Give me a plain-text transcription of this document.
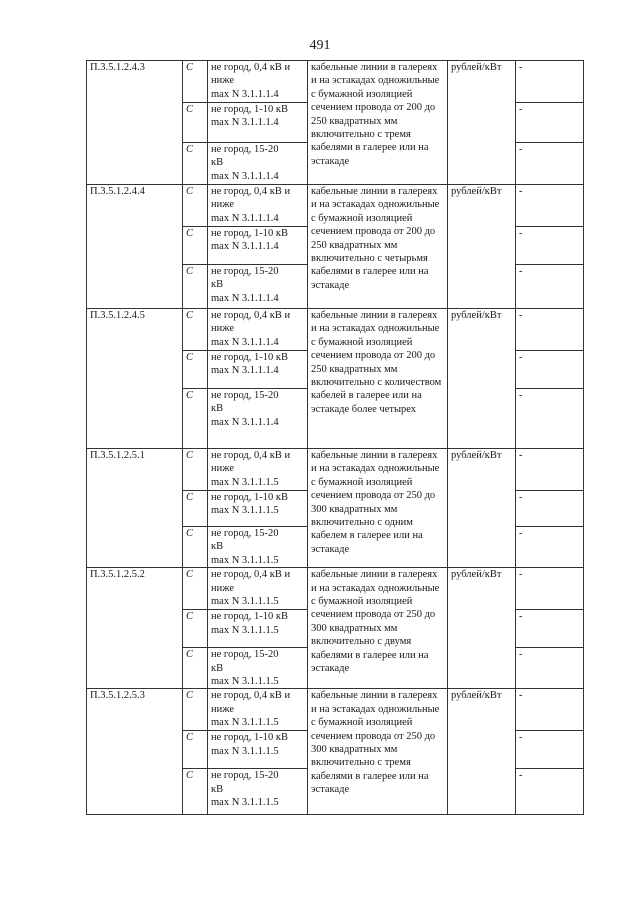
491
П.3.5.1.2.4.3	С	не город, 0,4 кВ и
ниже
max N 3.1.1.1.4	кабельные линии в галереях и на эстакадах одножильные с бумажной изоляцией сечением провода от 200 до 250 квадратных мм включительно с тремя кабелями в галерее или на эстакаде	рублей/кВт	-
	С	не город, 1-10 кВ
max N 3.1.1.1.4			-
	С	не город, 15-20
кВ
max N 3.1.1.1.4			-
П.3.5.1.2.4.4	С	не город, 0,4 кВ и
ниже
max N 3.1.1.1.4	кабельные линии в галереях и на эстакадах одножильные с бумажной изоляцией сечением провода от 200 до 250 квадратных мм включительно с четырьмя кабелями в галерее или на эстакаде	рублей/кВт	-
	С	не город, 1-10 кВ
max N 3.1.1.1.4			-
	С	не город, 15-20
кВ
max N 3.1.1.1.4			-
П.3.5.1.2.4.5	С	не город, 0,4 кВ и
ниже
max N 3.1.1.1.4	кабельные линии в галереях и на эстакадах одножильные с бумажной изоляцией сечением провода от 200 до 250 квадратных мм включительно с количеством кабелей в галерее или на эстакаде более четырех	рублей/кВт	-
	С	не город, 1-10 кВ
max N 3.1.1.1.4			-
	С	не город, 15-20
кВ
max N 3.1.1.1.4			-
П.3.5.1.2.5.1	С	не город, 0,4 кВ и ниже
max N 3.1.1.1.5	кабельные линии в галереях и на эстакадах одножильные с бумажной изоляцией сечением провода от 250 до 300 квадратных мм включительно с одним кабелем в галерее или на эстакаде	рублей/кВт	-
	С	не город, 1-10 кВ
max N 3.1.1.1.5			-
	С	не город, 15-20
кВ
max N 3.1.1.1.5			-
П.3.5.1.2.5.2	С	не город, 0,4 кВ и
ниже
max N 3.1.1.1.5	кабельные линии в галереях и на эстакадах одножильные с бумажной изоляцией сечением провода от 250 до 300 квадратных мм включительно с двумя кабелями в галерее или на эстакаде	рублей/кВт	-
	С	не город, 1-10 кВ
max N 3.1.1.1.5			-
	С	не город, 15-20
кВ
max N 3.1.1.1.5			-
П.3.5.1.2.5.3	С	не город, 0,4 кВ и
ниже
max N 3.1.1.1.5	кабельные линии в галереях и на эстакадах одножильные с бумажной изоляцией сечением провода от 250 до 300 квадратных мм включительно с тремя кабелями в галерее или на эстакаде	рублей/кВт	-
	С	не город, 1-10 кВ
max N 3.1.1.1.5			-
	С	не город, 15-20
кВ
max N 3.1.1.1.5			-
